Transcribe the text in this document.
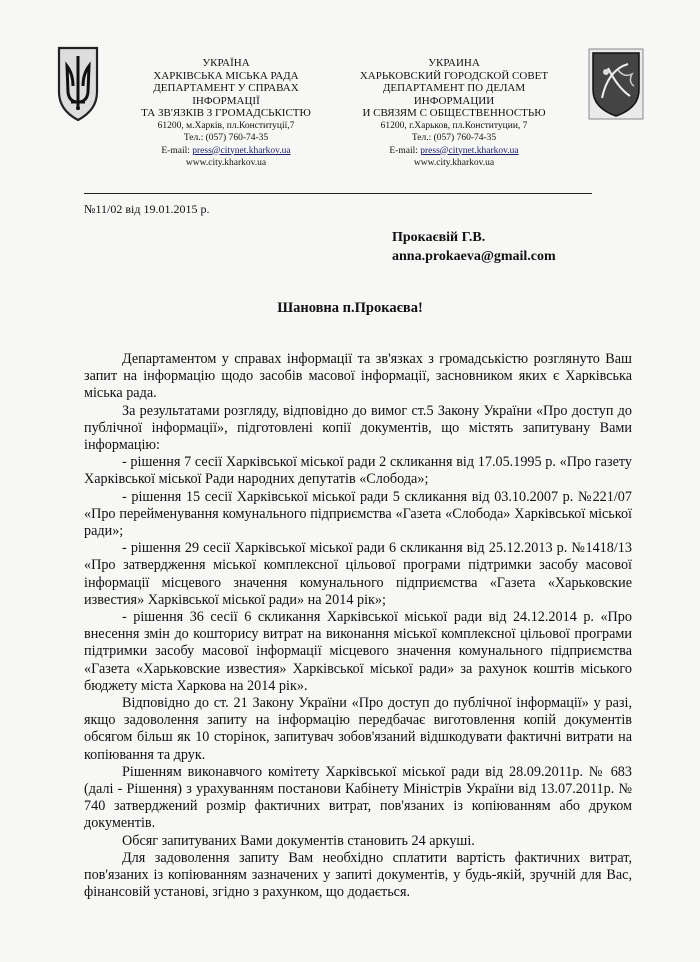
УКРАЇНА
ХАРКІВСЬКА МІСЬКА РАДА
ДЕПАРТАМЕНТ У СПРАВАХ
ІНФОРМАЦІЇ
ТА ЗВ'ЯЗКІВ З ГРОМАДСЬКІСТЮ
61200, м.Харків, пл.Конституції,7
Тел.: (057) 760-74-35
E-mail: press@citynet.kharkov.ua
www.city.kharkov.ua
УКРАИНА
ХАРЬКОВСКИЙ ГОРОДСКОЙ СОВЕТ
ДЕПАРТАМЕНТ ПО ДЕЛАМ
ИНФОРМАЦИИ
И СВЯЗЯМ С ОБЩЕСТВЕННОСТЬЮ
61200, г.Харьков, пл.Конституции, 7
Тел.: (057) 760-74-35
E-mail: press@citynet.kharkov.ua
www.city.kharkov.ua
№11/02 від 19.01.2015 р.
Прокаєвій Г.В.
anna.prokaeva@gmail.com
Шановна п.Прокаєва!

Департаментом у справах інформації та зв'язках з громадськістю розглянуто Ваш запит на інформацію щодо засобів масової інформації, засновником яких є Харківська міська рада.

За результатами розгляду, відповідно до вимог ст.5 Закону України «Про доступ до публічної інформації», підготовлені копії документів, що містять запитувану Вами інформацію:

- рішення 7 сесії Харківської міської ради 2 скликання від 17.05.1995 р. «Про газету Харківської міської Ради народних депутатів «Слобода»;

- рішення 15 сесії Харківської міської ради 5 скликання від 03.10.2007 р. №221/07 «Про перейменування комунального підприємства «Газета «Слобода» Харківської міської ради»;

- рішення 29 сесії Харківської міської ради 6 скликання від 25.12.2013 р. №1418/13 «Про затвердження міської комплексної цільової програми підтримки засобу масової інформації місцевого значення комунального підприємства «Газета «Харьковские известия» Харківської міської ради» на 2014 рік»;

- рішення 36 сесії 6 скликання Харківської міської ради від 24.12.2014 р. «Про внесення змін до кошторису витрат на виконання міської комплексної цільової програми підтримки засобу масової інформації місцевого значення комунального підприємства «Газета «Харьковские известия» Харківської міської ради» за рахунок коштів міського бюджету міста Харкова на 2014 рік».

Відповідно до ст. 21 Закону України «Про доступ до публічної інформації» у разі, якщо задоволення запиту на інформацію передбачає виготовлення копій документів обсягом більш як 10 сторінок, запитувач зобов'язаний відшкодувати фактичні витрати на копіювання та друк.

Рішенням виконавчого комітету Харківської міської ради від 28.09.2011р. № 683 (далі - Рішення) з урахуванням постанови Кабінету Міністрів України від 13.07.2011р. № 740 затверджений розмір фактичних витрат, пов'язаних із копіюванням або друком документів.

Обсяг запитуваних Вами документів становить 24 аркуші.

Для задоволення запиту Вам необхідно сплатити вартість фактичних витрат, пов'язаних із копіюванням зазначених у запиті документів, у будь-якій, зручній для Вас, фінансовій установі, згідно з рахунком, що додається.
